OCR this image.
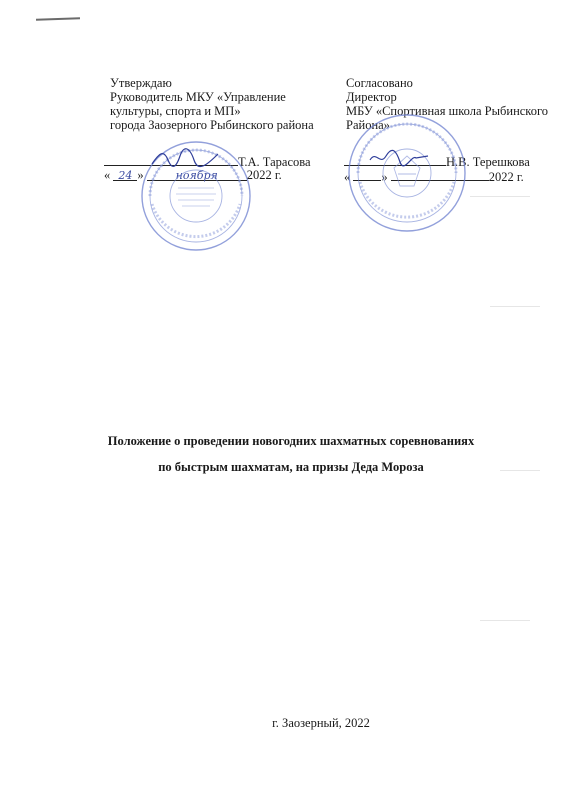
Утверждаю
Руководитель МКУ «Управление
культуры, спорта и МП»
города Заозерного Рыбинского района
Т.А. Тарасова
« 24 »	ноября 2022 г.
Согласовано
Директор
МБУ «Спортивная школа Рыбинского
Района»
Н.В. Терешкова
« »	2022 г.
Положение о проведении новогодних шахматных соревнованиях
по быстрым шахматам, на призы Деда Мороза
г. Заозерный, 2022
